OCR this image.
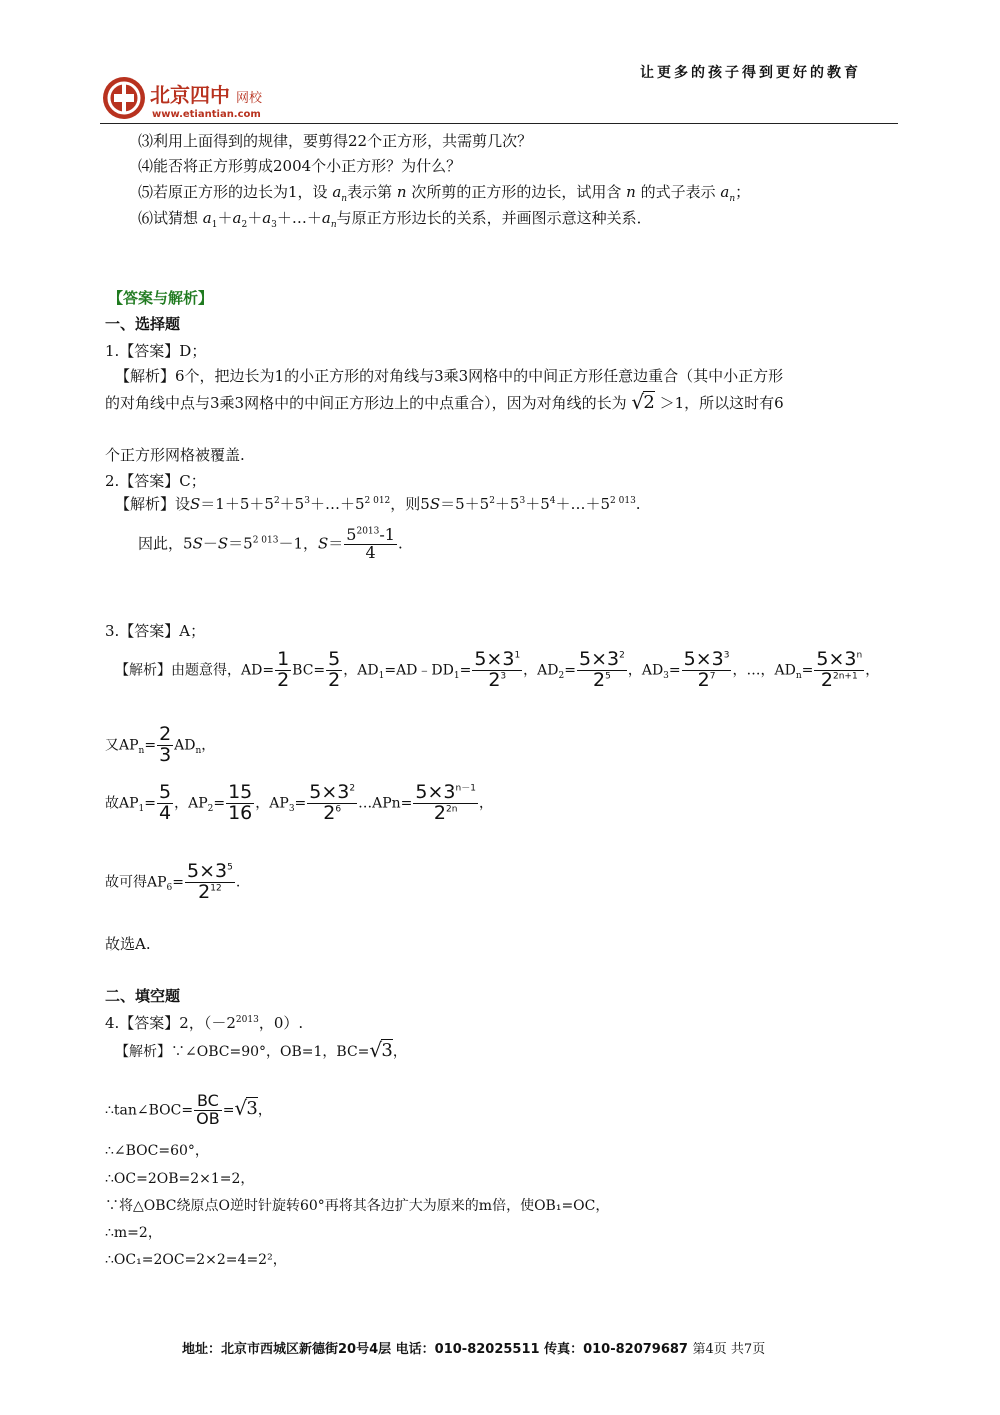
北京四中 网校
www.etiantian.com
让更多的孩子得到更好的教育
⑶利用上面得到的规律，要剪得22个正方形，共需剪几次？
⑷能否将正方形剪成2004个小正方形？为什么？
⑸若原正方形的边长为1，设 $a_n$表示第 n 次所剪的正方形的边长，试用含 n 的式子表示 $a_n$；
⑹试猜想 $a_1+a_2+a_3+\dots+a_n$与原正方形边长的关系，并画图示意这种关系．
【答案与解析】
一、选择题
1.【答案】D；
【解析】6个，把边长为1的小正方形的对角线与3乘3网格中的中间正方形任意边重合（其中小正方形
的对角线中点与3乘3网格中的中间正方形边上的中点重合），因为对角线的长为 √ 2 ＞1，所以这时有6
个正方形网格被覆盖.
2.【答案】C；
【解析】设$S=1+5+5^2+5^3+\dots+5^{2 012}$，则$5S=5+5^2+5^3+5^4+\dots+5^{2 013}$.
因此，$5S-S=5^{2 013}-1$，$S= \frac{5^{2013}-1}{4}$ .
3.【答案】A；
【解析】由题意得，$AD= \frac{1}{2} BC= \frac{5}{2}$ ，$AD_1=AD﹣DD_1= \frac{5\times 3^1}{2^3}$ ，$AD_2= \frac{5\times 3^2}{2^5}$ ，$AD_3= \frac{5\times 3^3}{2^7}$ ，…，$AD_n= \frac{5\times 3^n}{2^{2n+1}}$ ，
又$AP_n= \frac{2}{3} AD_n$，
故$AP_1= \frac{5}{4}$ ，$AP_2= \frac{15}{16}$ ，$AP_3= \frac{5\times 3^2}{2^6}$ …APn= $\frac{5\times 3^{n-1}}{2^{2n}}$ ，
故可得$AP_6= \frac{5\times 3^5}{2^{12}}$ .
故选A.
二、填空题
4.【答案】2，（$-2^{2013}$，0）.
【解析】∵∠OBC=90°，OB=1，BC= √ 3，
∴tan∠BOC= $\frac{BC}{OB}$ = √ 3，
∴∠BOC=60°，
∴OC=2OB=2×1=2，
∵将△OBC绕原点O逆时针旋转60°再将其各边扩大为原来的m倍，使OB₁=OC，
∴m=2，
∴OC₁=2OC=2×2=4=2²，
地址：北京市西城区新德街20号4层 电话：010-82025511 传真：010-82079687 第4页 共7页
